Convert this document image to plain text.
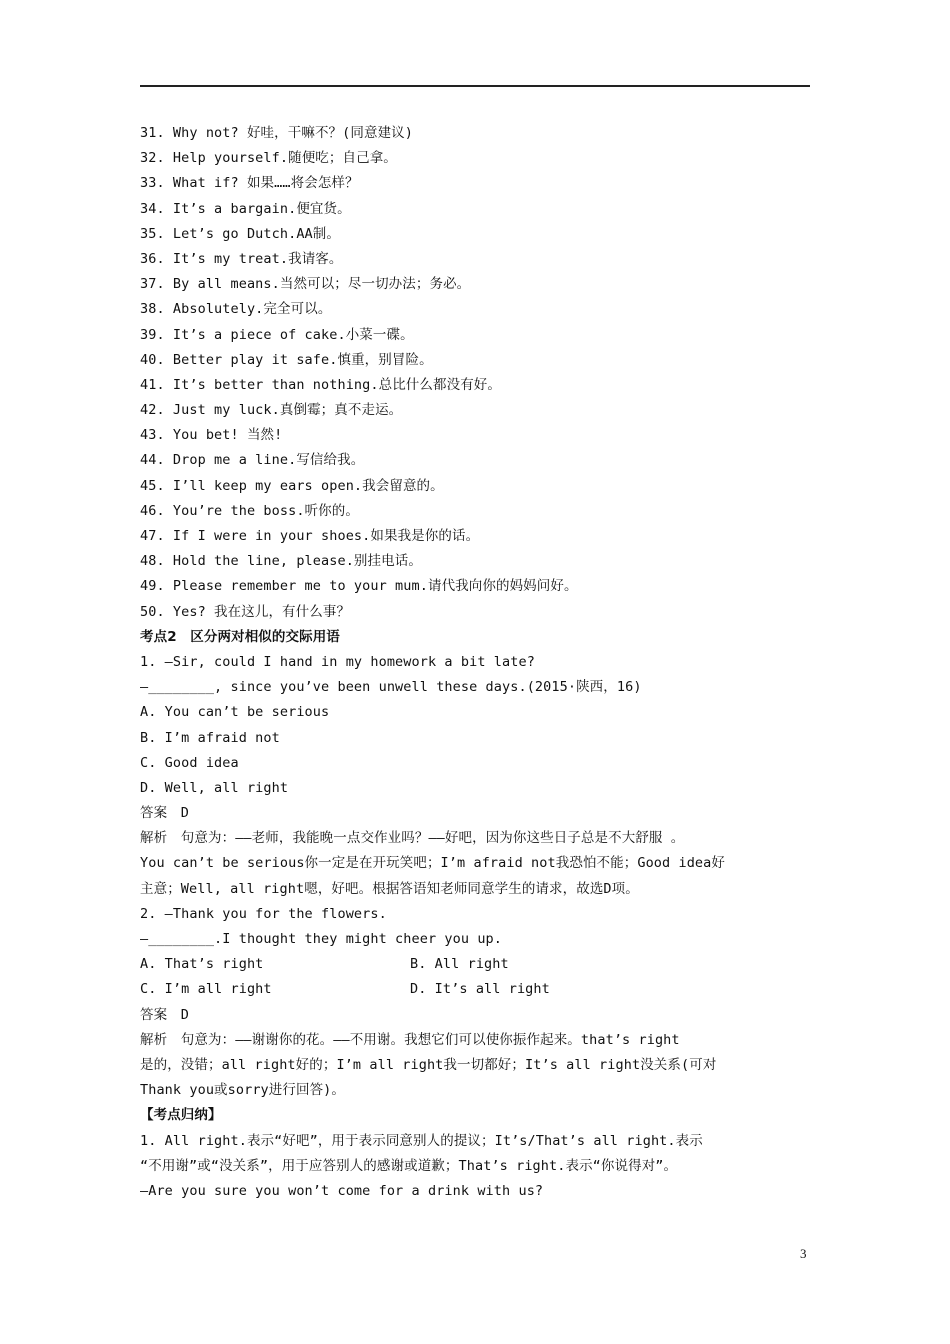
31. Why not? 好哇，干嘛不？(同意建议)
32. Help yourself.随便吃；自己拿。
33. What if? 如果……将会怎样？
34. It’s a bargain.便宜货。
35. Let’s go Dutch.AA制。
36. It’s my treat.我请客。
37. By all means.当然可以；尽一切办法；务必。
38. Absolutely.完全可以。
39. It’s a piece of cake.小菜一碟。
40. Better play it safe.慎重，别冒险。
41. It’s better than nothing.总比什么都没有好。
42. Just my luck.真倒霉；真不走运。
43. You bet! 当然!
44. Drop me a line.写信给我。
45. I’ll keep my ears open.我会留意的。
46. You’re the boss.听你的。
47. If I were in your shoes.如果我是你的话。
48. Hold the line, please.别挂电话。
49. Please remember me to your mum.请代我向你的妈妈问好。
50. Yes? 我在这儿，有什么事？
考点2　区分两对相似的交际用语
1. —Sir, could I hand in my homework a bit late?
—________, since you’ve been unwell these days.(2015·陕西，16)
A. You can’t be serious
B. I’m afraid not
C. Good idea
D. Well, all right
答案　D
解析　句意为：——老师，我能晚一点交作业吗？——好吧，因为你这些日子总是不大舒服 。
You can’t be serious你一定是在开玩笑吧；I’m afraid not我恐怕不能；Good idea好
主意；Well, all right嗯，好吧。根据答语知老师同意学生的请求，故选D项。
2. —Thank you for the flowers.
—________.I thought they might cheer you up.
A. That’s right	B. All right
C. I’m all right	D. It’s all right
答案　D
解析　句意为：——谢谢你的花。——不用谢。我想它们可以使你振作起来。that’s right
是的，没错；all right好的；I’m all right我一切都好；It’s all right没关系(可对
Thank you或sorry进行回答)。
【考点归纳】
1. All right.表示“好吧”，用于表示同意别人的提议；It’s/That’s all right.表示
“不用谢”或“没关系”，用于应答别人的感谢或道歉；That’s right.表示“你说得对”。
—Are you sure you won’t come for a drink with us?
3
